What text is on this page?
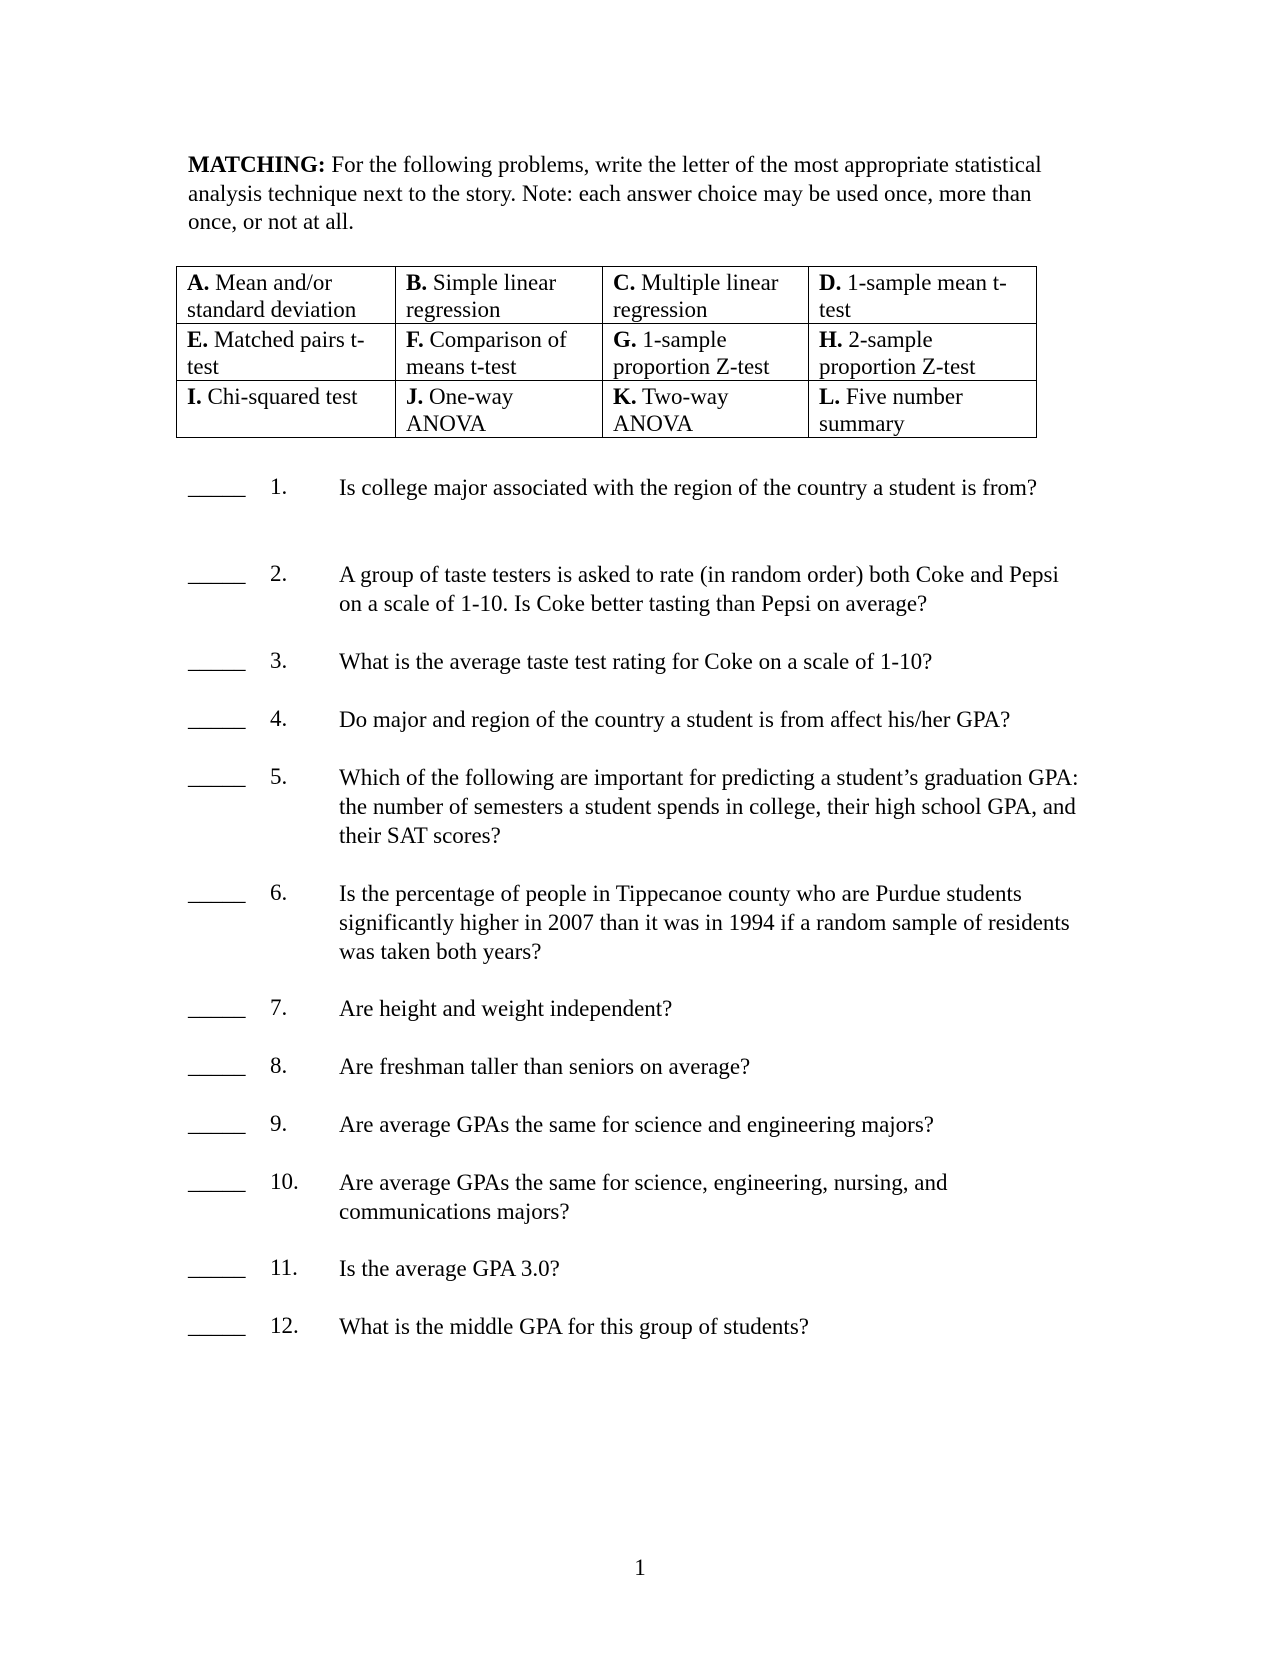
MATCHING: For the following problems, write the letter of the most appropriate statistical analysis technique next to the story. Note: each answer choice may be used once, more than once, or not at all.
A. Mean and/or standard deviation	B. Simple linear regression	C. Multiple linear regression	D. 1-sample mean t-test
E. Matched pairs t-test	F. Comparison of means t-test	G. 1-sample proportion Z-test	H. 2-sample proportion Z-test
I. Chi-squared test	J. One-way ANOVA	K. Two-way ANOVA	L. Five number summary
_____ 1. Is college major associated with the region of the country a student is from?
_____ 2. A group of taste testers is asked to rate (in random order) both Coke and Pepsi on a scale of 1-10. Is Coke better tasting than Pepsi on average?
_____ 3. What is the average taste test rating for Coke on a scale of 1-10?
_____ 4. Do major and region of the country a student is from affect his/her GPA?
_____ 5. Which of the following are important for predicting a student’s graduation GPA: the number of semesters a student spends in college, their high school GPA, and their SAT scores?
_____ 6. Is the percentage of people in Tippecanoe county who are Purdue students significantly higher in 2007 than it was in 1994 if a random sample of residents was taken both years?
_____ 7. Are height and weight independent?
_____ 8. Are freshman taller than seniors on average?
_____ 9. Are average GPAs the same for science and engineering majors?
_____ 10. Are average GPAs the same for science, engineering, nursing, and communications majors?
_____ 11. Is the average GPA 3.0?
_____ 12. What is the middle GPA for this group of students?
1
